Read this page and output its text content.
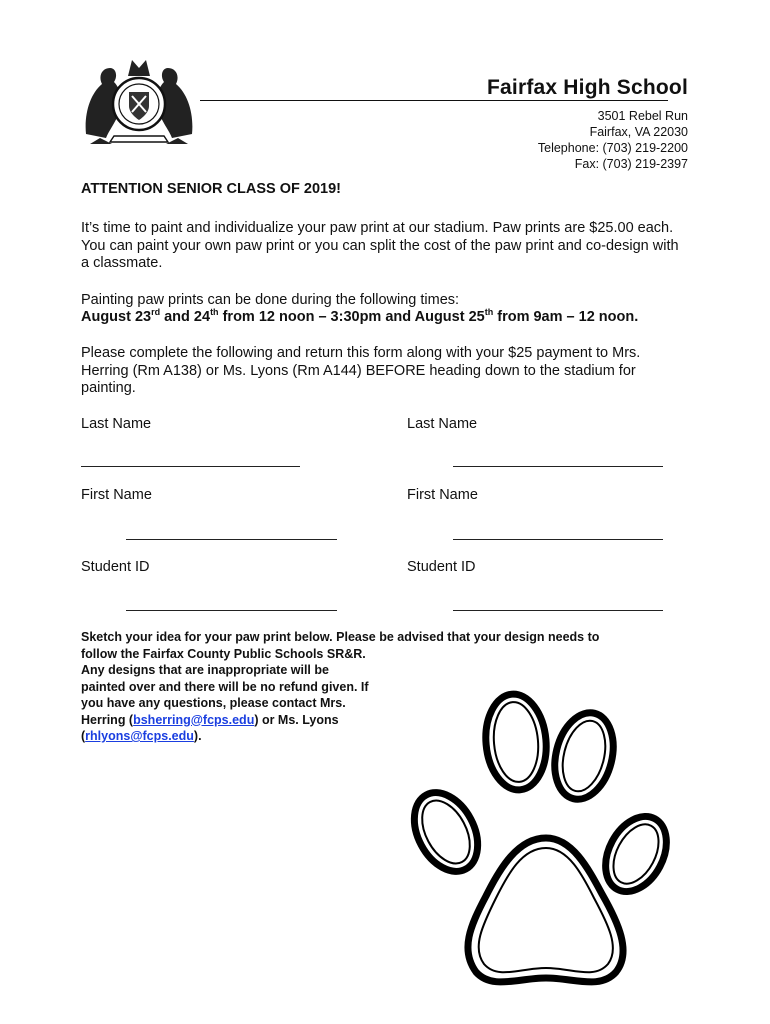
Fairfax High School
3501 Rebel Run
Fairfax, VA 22030
Telephone: (703) 219-2200
Fax: (703) 219-2397
ATTENTION SENIOR CLASS OF 2019!
It’s time to paint and individualize your paw print at our stadium. Paw prints are $25.00 each. You can paint your own paw print or you can split the cost of the paw print and co-design with a classmate.
Painting paw prints can be done during the following times:
August 23rd and 24th from 12 noon – 3:30pm and August 25th from 9am – 12 noon.
Please complete the following and return this form along with your $25 payment to Mrs. Herring (Rm A138) or Ms. Lyons (Rm A144) BEFORE heading down to the stadium for painting.
Last Name	Last Name
First Name	First Name
Student ID	Student ID
Sketch your idea for your paw print below. Please be advised that your design needs to
follow the Fairfax County Public Schools SR&R. Any designs that are inappropriate will be painted over and there will be no refund given. If you have any questions, please contact Mrs. Herring (bsherring@fcps.edu) or Ms. Lyons (rhlyons@fcps.edu).
